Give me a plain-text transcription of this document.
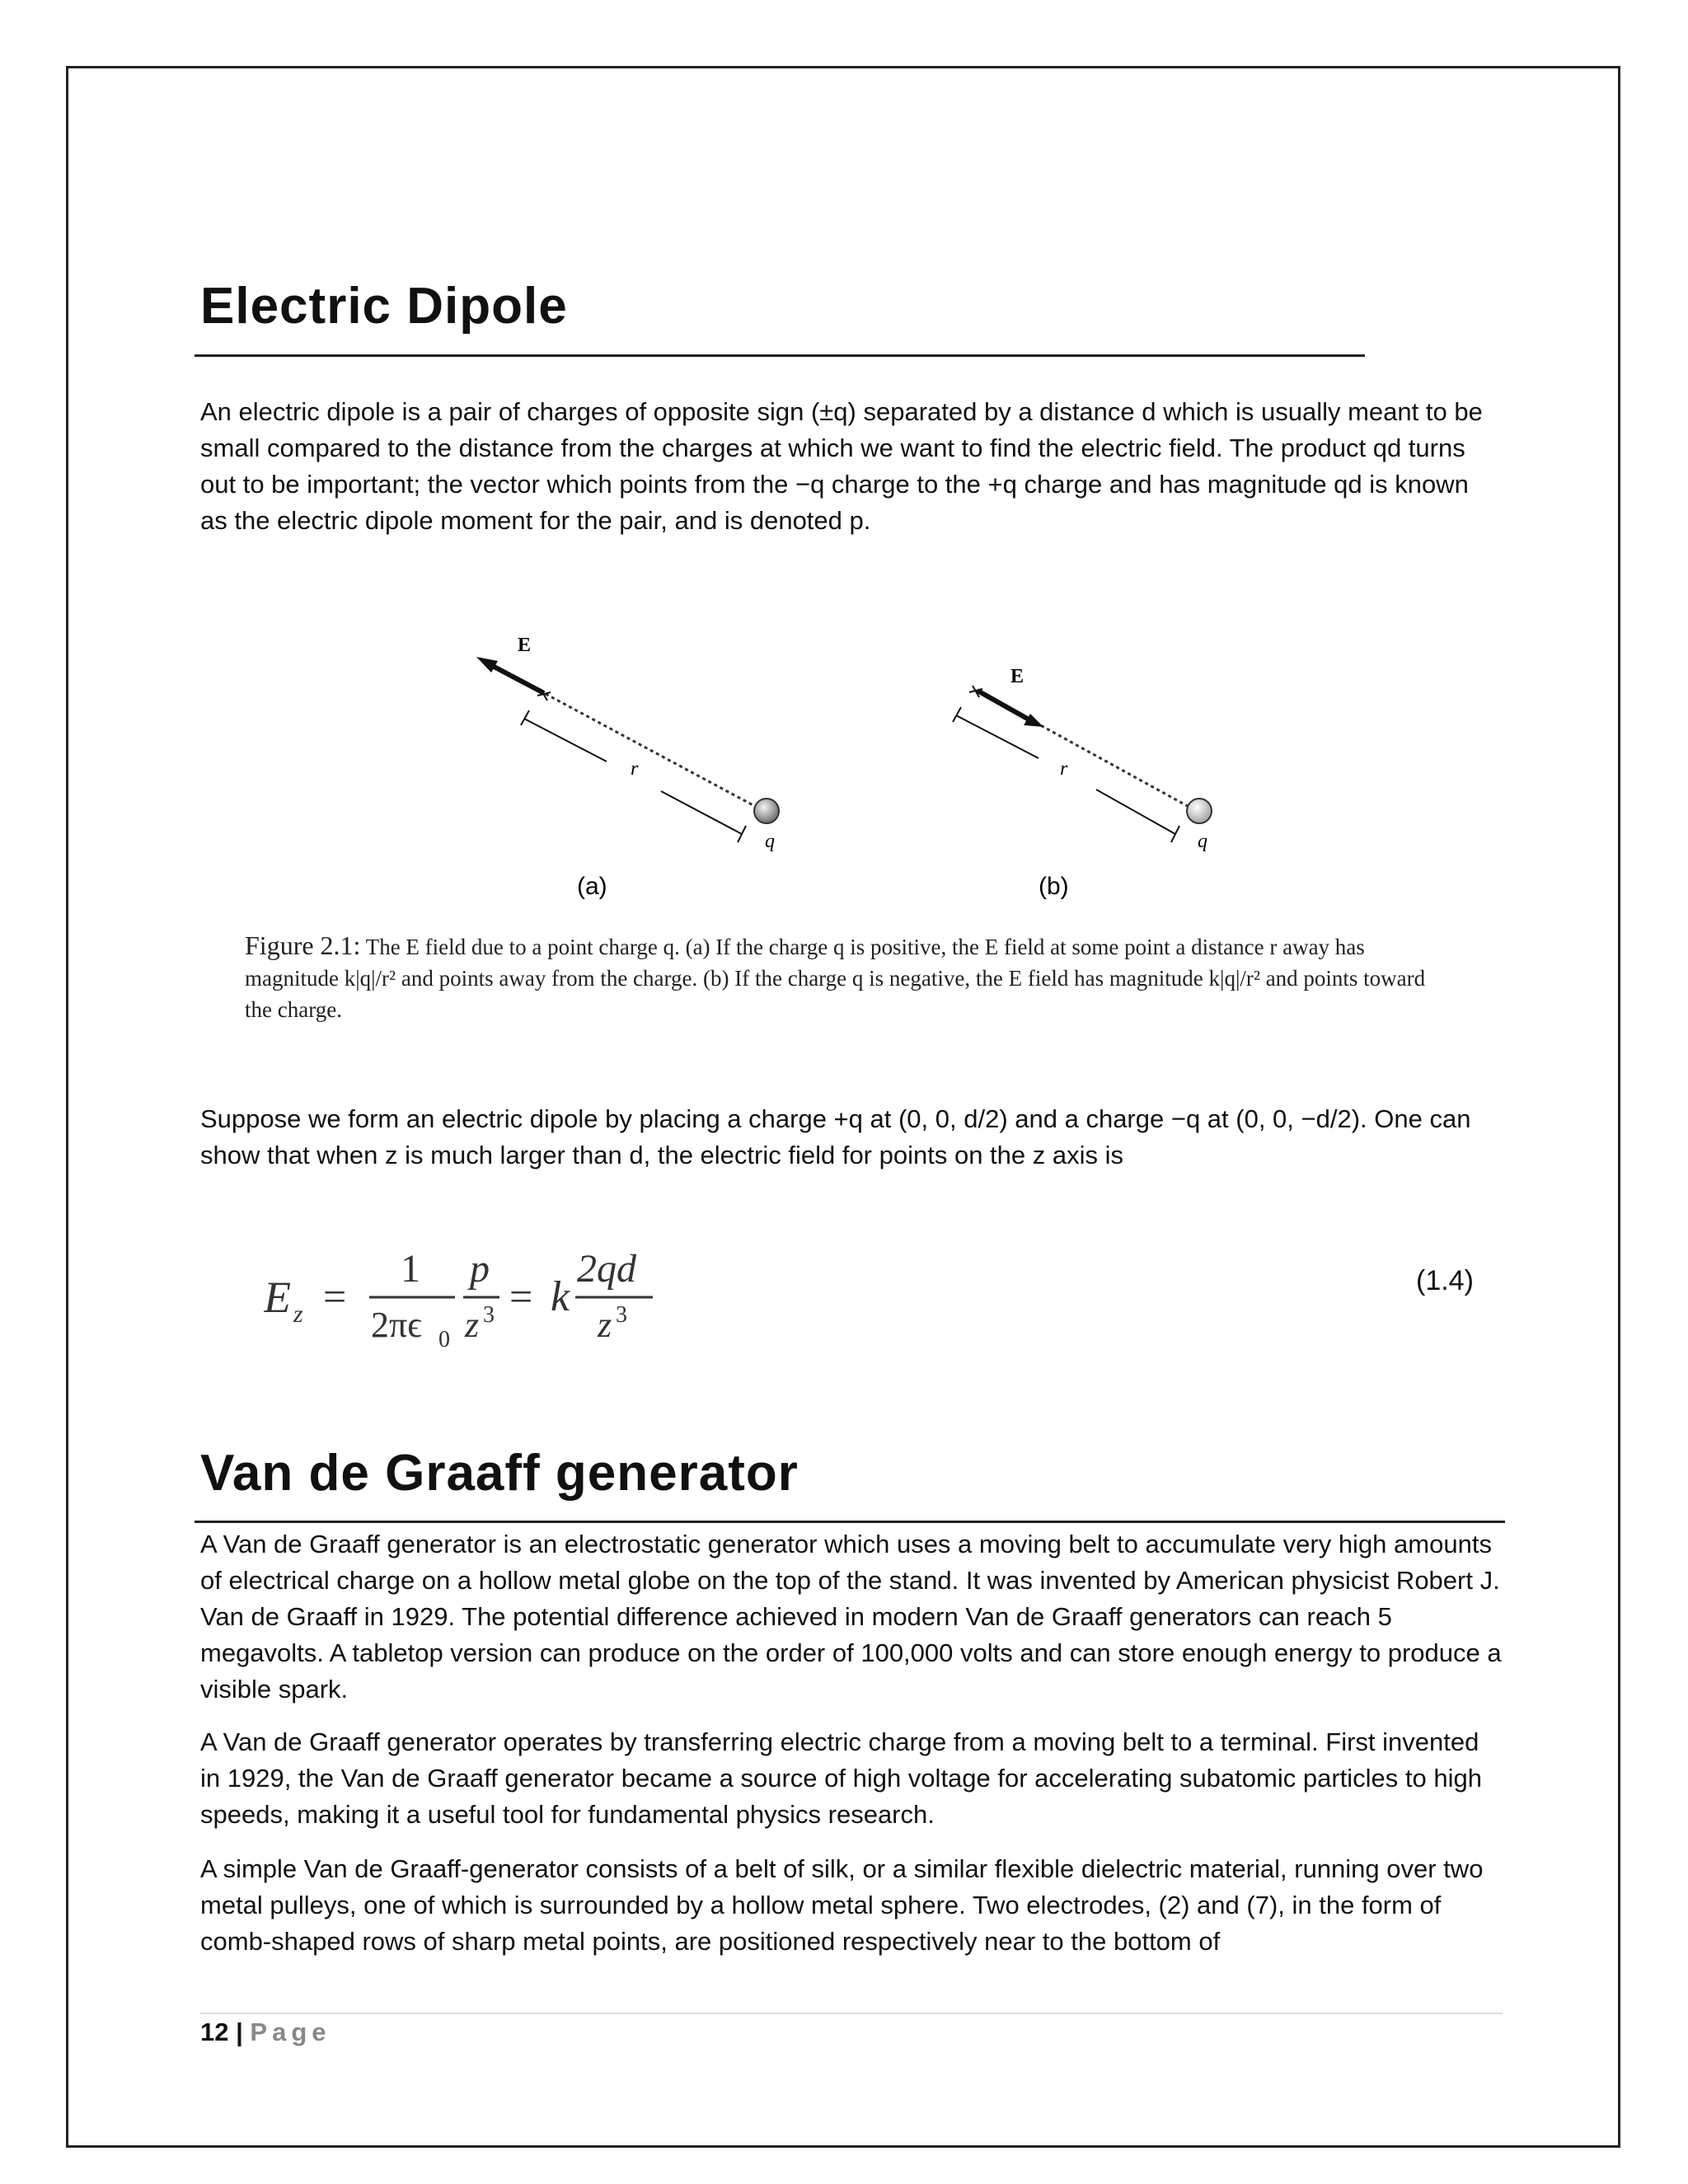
Electric Dipole

An electric dipole is a pair of charges of opposite sign (±q) separated by a distance d which is usually meant to be small compared to the distance from the charges at which we want to find the electric field. The product qd turns out to be important; the vector which points from the −q charge to the +q charge and has magnitude qd is known as the electric dipole moment for the pair, and is denoted p.

E
r
q
(a)
E
r
q
(b)
Figure 2.1: The E field due to a point charge q. (a) If the charge q is positive, the E field at some point a distance r away has magnitude k|q|/r² and points away from the charge. (b) If the charge q is negative, the E field has magnitude k|q|/r² and points toward the charge.

Suppose we form an electric dipole by placing a charge +q at (0, 0, d/2) and a charge −q at (0, 0, −d/2). One can show that when z is much larger than d, the electric field for points on the z axis is

E z =
1
2πϵ 0
p
z 3 = k
2qd
z 3
(1.4)
Van de Graaff generator

A Van de Graaff generator is an electrostatic generator which uses a moving belt to accumulate very high amounts of electrical charge on a hollow metal globe on the top of the stand. It was invented by American physicist Robert J. Van de Graaff in 1929. The potential difference achieved in modern Van de Graaff generators can reach 5 megavolts. A tabletop version can produce on the order of 100,000 volts and can store enough energy to produce a visible spark.

A Van de Graaff generator operates by transferring electric charge from a moving belt to a terminal. First invented in 1929, the Van de Graaff generator became a source of high voltage for accelerating subatomic particles to high speeds, making it a useful tool for fundamental physics research.

A simple Van de Graaff-generator consists of a belt of silk, or a similar flexible dielectric material, running over two metal pulleys, one of which is surrounded by a hollow metal sphere. Two electrodes, (2) and (7), in the form of comb-shaped rows of sharp metal points, are positioned respectively near to the bottom of

12 | Page
